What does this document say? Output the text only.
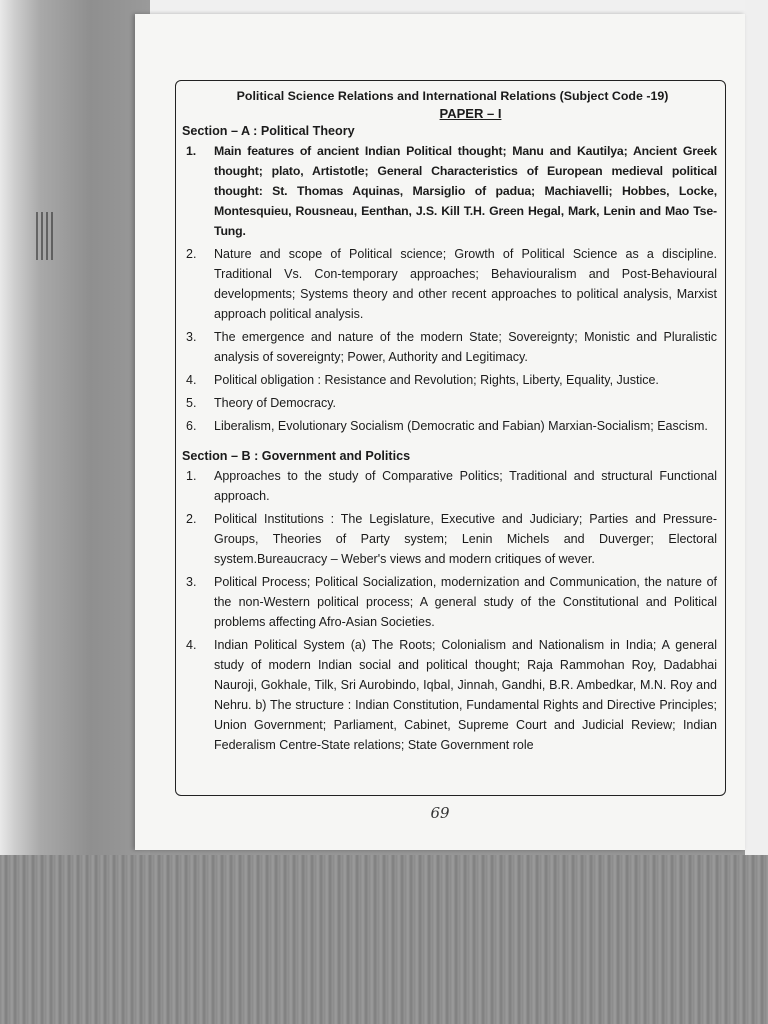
Political Science Relations and International Relations (Subject Code -19)
PAPER – I
Section – A : Political Theory
1.	Main features of ancient Indian Political thought; Manu and Kautilya; Ancient Greek thought; plato, Artistotle; General Characteristics of European medieval political thought: St. Thomas Aquinas, Marsiglio of padua; Machiavelli; Hobbes, Locke, Montesquieu, Rousneau, Eenthan, J.S. Kill T.H. Green Hegal, Mark, Lenin and Mao Tse-Tung.
2.	Nature and scope of Political science; Growth of Political Science as a discipline. Traditional Vs. Con-temporary approaches; Behaviouralism and Post-Behavioural developments; Systems theory and other recent approaches to political analysis, Marxist approach political analysis.
3.	The emergence and nature of the modern State; Sovereignty; Monistic and Pluralistic analysis of sovereignty; Power, Authority and Legitimacy.
4.	Political obligation : Resistance and Revolution; Rights, Liberty, Equality, Justice.
5.	Theory of Democracy.
6.	Liberalism, Evolutionary Socialism (Democratic and Fabian) Marxian-Socialism; Eascism.
Section – B : Government and Politics
1.	Approaches to the study of Comparative Politics; Traditional and structural Functional approach.
2.	Political Institutions : The Legislature, Executive and Judiciary; Parties and Pressure-Groups, Theories of Party system; Lenin Michels and Duverger; Electoral system.Bureaucracy – Weber's views and modern critiques of wever.
3.	Political Process; Political Socialization, modernization and Communication, the nature of the non-Western political process; A general study of the Constitutional and Political problems affecting Afro-Asian Societies.
4.	Indian Political System (a) The Roots; Colonialism and Nationalism in India; A general study of modern Indian social and political thought; Raja Rammohan Roy, Dadabhai Nauroji, Gokhale, Tilk, Sri Aurobindo, Iqbal, Jinnah, Gandhi, B.R. Ambedkar, M.N. Roy and Nehru. b) The structure : Indian Constitution, Fundamental Rights and Directive Principles; Union Government; Parliament, Cabinet, Supreme Court and Judicial Review; Indian Federalism Centre-State relations; State Government role
69
